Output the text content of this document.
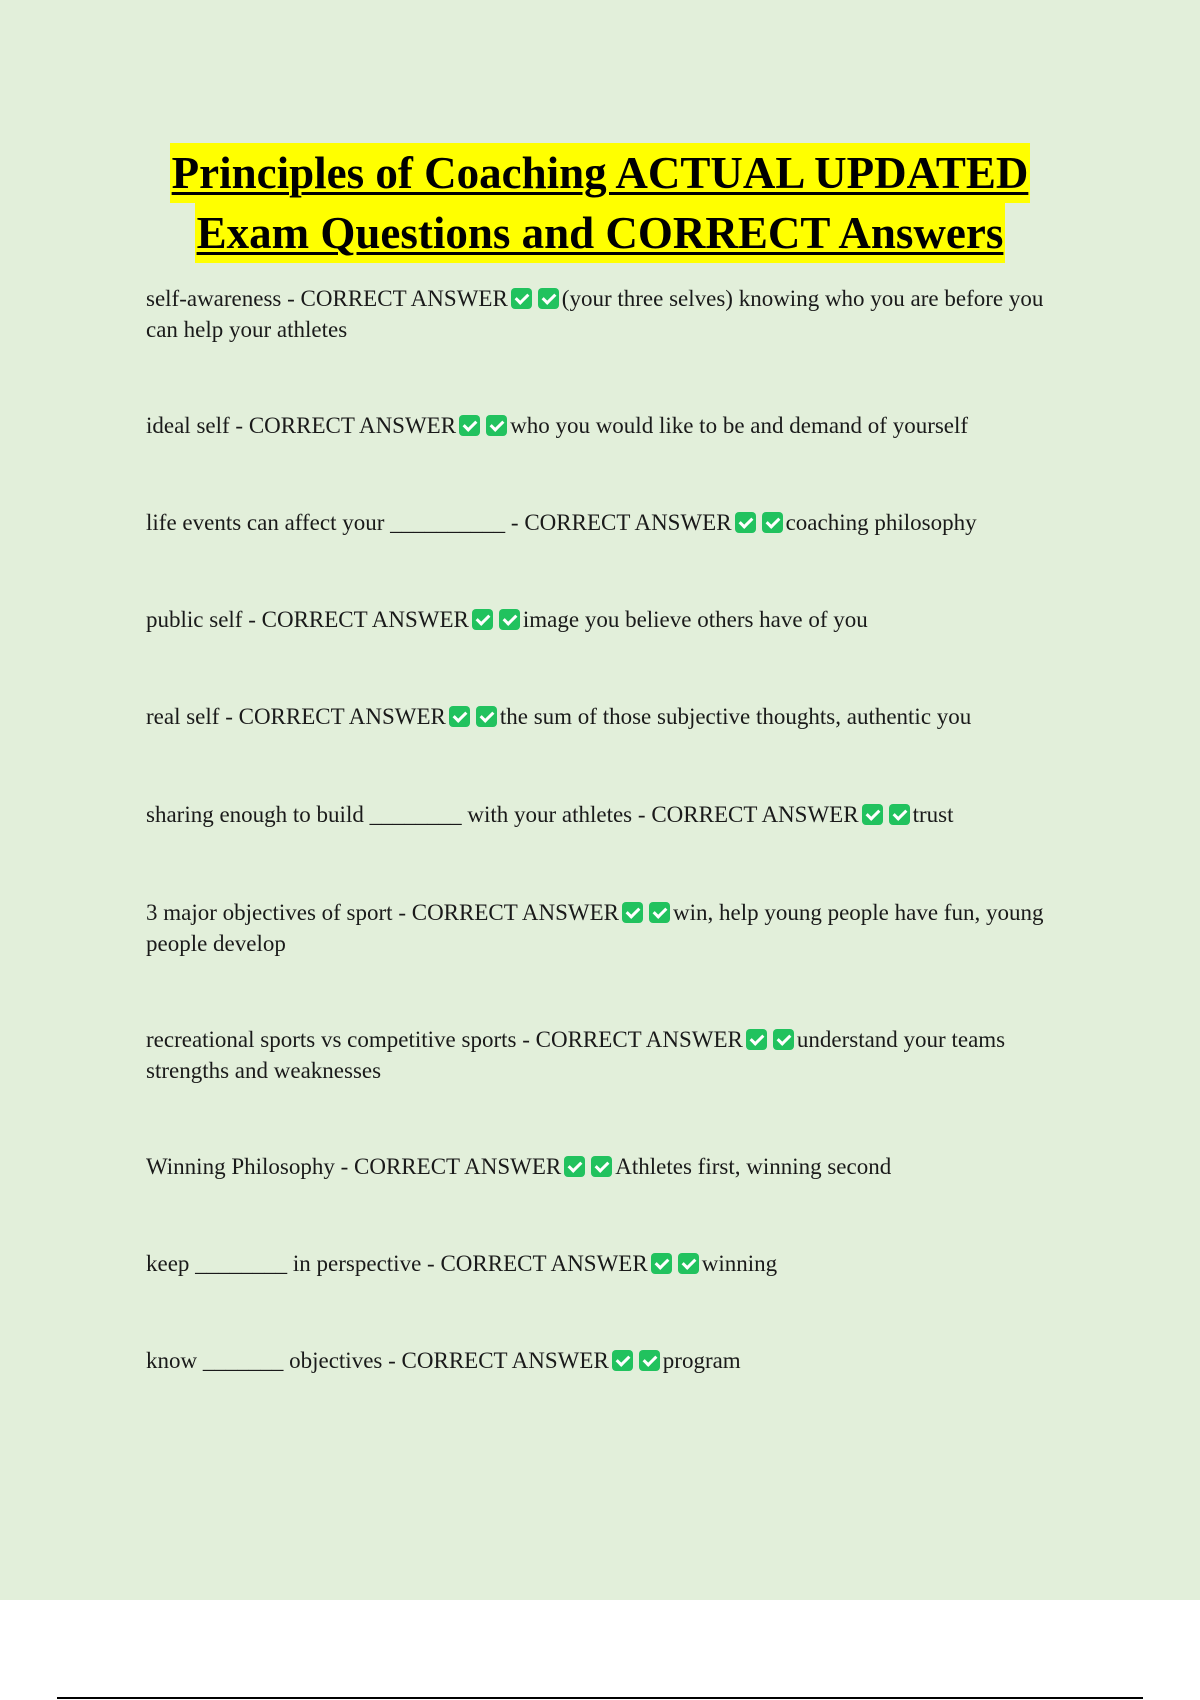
Principles of Coaching ACTUAL UPDATED
Exam Questions and CORRECT Answers
self-awareness - CORRECT ANSWER (your three selves) knowing who you are before you can help your athletes
ideal self - CORRECT ANSWER who you would like to be and demand of yourself
life events can affect your __________ - CORRECT ANSWER coaching philosophy
public self - CORRECT ANSWER image you believe others have of you
real self - CORRECT ANSWER the sum of those subjective thoughts, authentic you
sharing enough to build ________ with your athletes - CORRECT ANSWER trust
3 major objectives of sport - CORRECT ANSWER win, help young people have fun, young people develop
recreational sports vs competitive sports - CORRECT ANSWER understand your teams strengths and weaknesses
Winning Philosophy - CORRECT ANSWER Athletes first, winning second
keep ________ in perspective - CORRECT ANSWER winning
know _______ objectives - CORRECT ANSWER program
